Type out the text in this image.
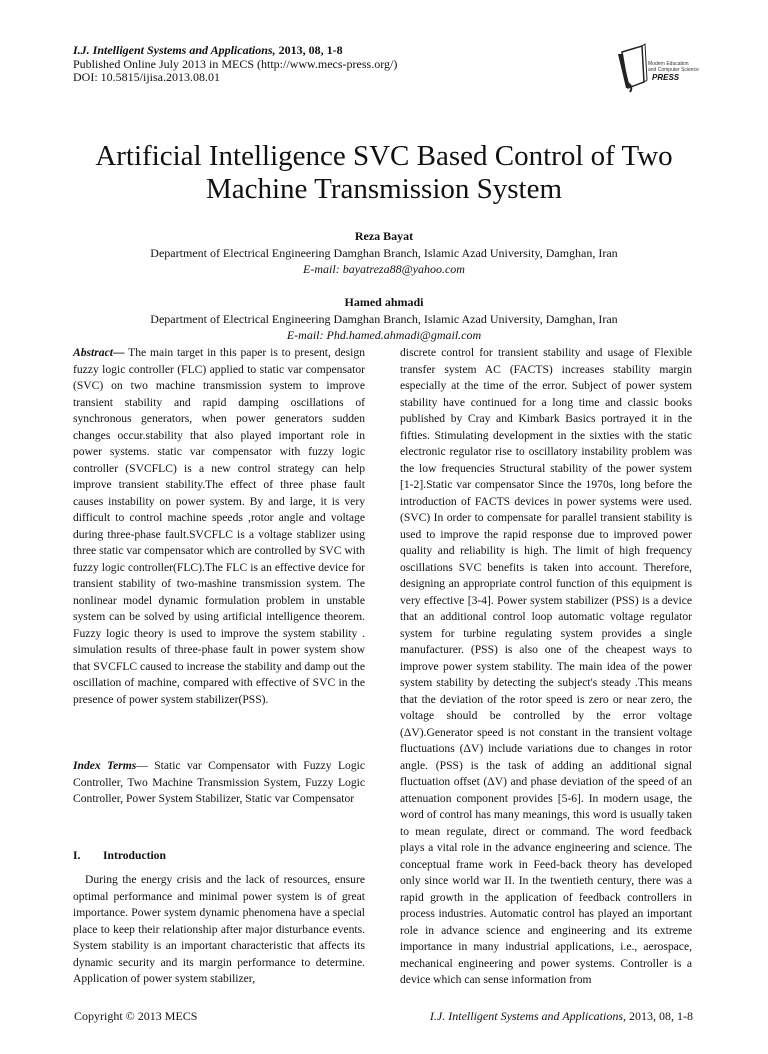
I.J. Intelligent Systems and Applications, 2013, 08, 1-8
Published Online July 2013 in MECS (http://www.mecs-press.org/)
DOI: 10.5815/ijisa.2013.08.01
Modern Education
and Computer Science
PRESS
Artificial Intelligence SVC Based Control of Two Machine Transmission System
Reza Bayat
Department of Electrical Engineering Damghan Branch, Islamic Azad University, Damghan, Iran
E-mail: bayatreza88@yahoo.com
Hamed ahmadi
Department of Electrical Engineering Damghan Branch, Islamic Azad University, Damghan, Iran
E-mail: Phd.hamed.ahmadi@gmail.com

Abstract— The main target in this paper is to present, design fuzzy logic controller (FLC) applied to static var compensator (SVC) on two machine transmission system to improve transient stability and rapid damping oscillations of synchronous generators, when power generators sudden changes occur.stability that also played important role in power systems. static var compensator with fuzzy logic controller (SVCFLC) is a new control strategy can help improve transient stability.The effect of three phase fault causes instability on power system. By and large, it is very difficult to control machine speeds ,rotor angle and voltage during three-phase fault.SVCFLC is a voltage stablizer using three static var compensator which are controlled by SVC with fuzzy logic controller(FLC).The FLC is an effective device for transient stability of two-mashine transmission system. The nonlinear model dynamic formulation problem in unstable system can be solved by using artificial intelligence theorem. Fuzzy logic theory is used to improve the system stability . simulation results of three-phase fault in power system show that SVCFLC caused to increase the stability and damp out the oscillation of machine, compared with effective of SVC in the presence of power system stabilizer(PSS).

Index Terms— Static var Compensator with Fuzzy Logic Controller, Two Machine Transmission System, Fuzzy Logic Controller, Power System Stabilizer, Static var Compensator

I. Introduction

During the energy crisis and the lack of resources, ensure optimal performance and minimal power system is of great importance. Power system dynamic phenomena have a special place to keep their relationship after major disturbance events. System stability is an important characteristic that affects its dynamic security and its margin performance to determine. Application of power system stabilizer,

discrete control for transient stability and usage of Flexible transfer system AC (FACTS) increases stability margin especially at the time of the error. Subject of power system stability have continued for a long time and classic books published by Cray and Kimbark Basics portrayed it in the fifties. Stimulating development in the sixties with the static electronic regulator rise to oscillatory instability problem was the low frequencies Structural stability of the power system [1-2].Static var compensator Since the 1970s, long before the introduction of FACTS devices in power systems were used. (SVC) In order to compensate for parallel transient stability is used to improve the rapid response due to improved power quality and reliability is high. The limit of high frequency oscillations SVC benefits is taken into account. Therefore, designing an appropriate control function of this equipment is very effective [3-4]. Power system stabilizer (PSS) is a device that an additional control loop automatic voltage regulator system for turbine regulating system provides a single manufacturer. (PSS) is also one of the cheapest ways to improve power system stability. The main idea of the power system stability by detecting the subject's steady .This means that the deviation of the rotor speed is zero or near zero, the voltage should be controlled by the error voltage (ΔV).Generator speed is not constant in the transient voltage fluctuations (ΔV) include variations due to changes in rotor angle. (PSS) is the task of adding an additional signal fluctuation offset (ΔV) and phase deviation of the speed of an attenuation component provides [5-6]. In modern usage, the word of control has many meanings, this word is usually taken to mean regulate, direct or command. The word feedback plays a vital role in the advance engineering and science. The conceptual frame work in Feed-back theory has developed only since world war II. In the twentieth century, there was a rapid growth in the application of feedback controllers in process industries. Automatic control has played an important role in advance science and engineering and its extreme importance in many industrial applications, i.e., aerospace, mechanical engineering and power systems. Controller is a device which can sense information from

Copyright © 2013 MECS	I.J. Intelligent Systems and Applications, 2013, 08, 1-8
